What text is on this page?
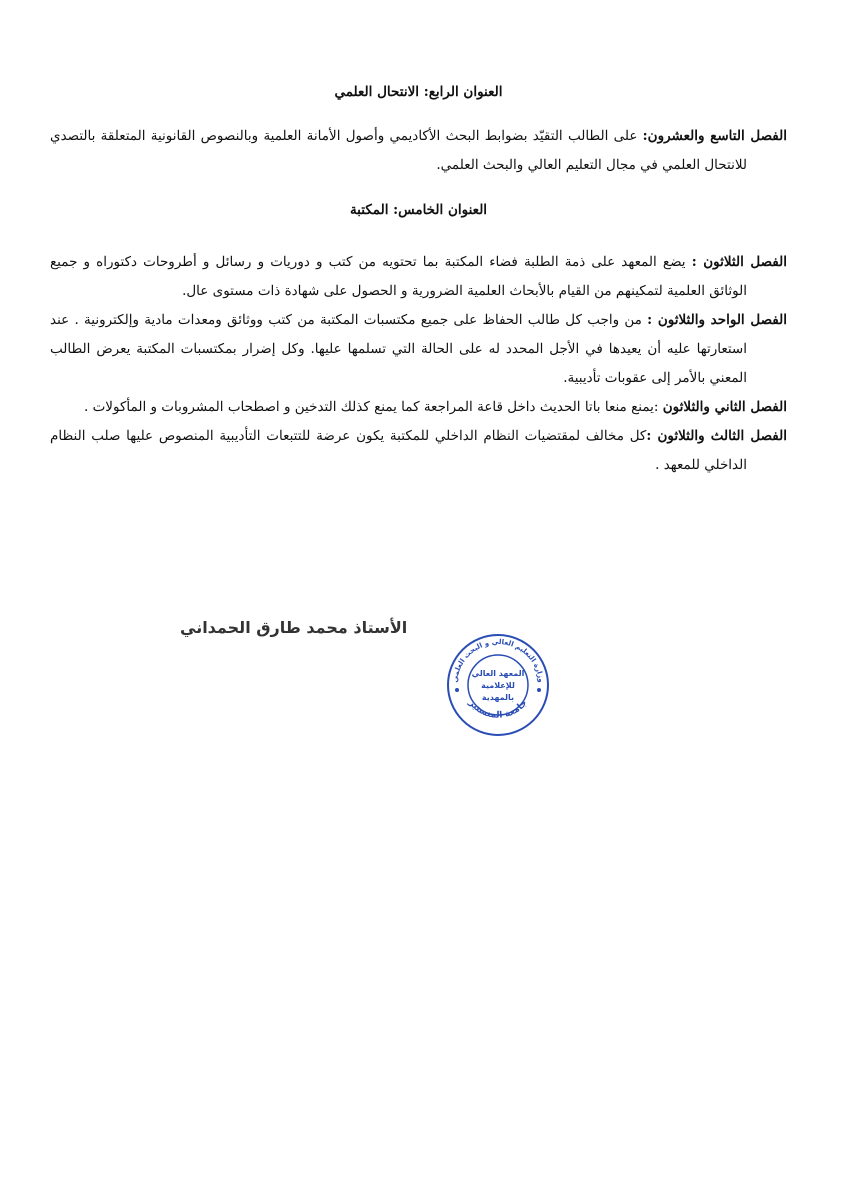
العنوان الرابع: الانتحال العلمي

الفصل التاسع والعشرون: على الطالب التقيّد بضوابط البحث الأكاديمي وأصول الأمانة العلمية وبالنصوص القانونية المتعلقة بالتصدي للانتحال العلمي في مجال التعليم العالي والبحث العلمي.

العنوان الخامس: المكتبة

الفصل الثلاثون : يضع المعهد على ذمة الطلبة فضاء المكتبة بما تحتويه من كتب و دوريات و رسائل و أطروحات دكتوراه و جميع الوثائق العلمية لتمكينهم من القيام بالأبحاث العلمية الضرورية و الحصول على شهادة ذات مستوى عال.

الفصل الواحد والثلاثون : من واجب كل طالب الحفاظ على جميع مكتسبات المكتبة من كتب ووثائق ومعدات مادية وإلكترونية . عند استعارتها عليه أن يعيدها في الأجل المحدد له على الحالة التي تسلمها عليها. وكل إضرار بمكتسبات المكتبة يعرض الطالب المعني بالأمر إلى عقوبات تأديبية.

الفصل الثاني والثلاثون :يمنع منعا باتا الحديث داخل قاعة المراجعة كما يمنع كذلك التدخين و اصطحاب المشروبات و المأكولات .

الفصل الثالث والثلاثون :كل مخالف لمقتضيات النظام الداخلي للمكتبة يكون عرضة للتتبعات التأديبية المنصوص عليها صلب النظام الداخلي للمعهد .

الأستاذ محمد طارق الحمداني
وزارة التعليم العالي و البحث العلمي
جامعة المنستير
المعهد العالي
للإعلامية
بالمهدية
